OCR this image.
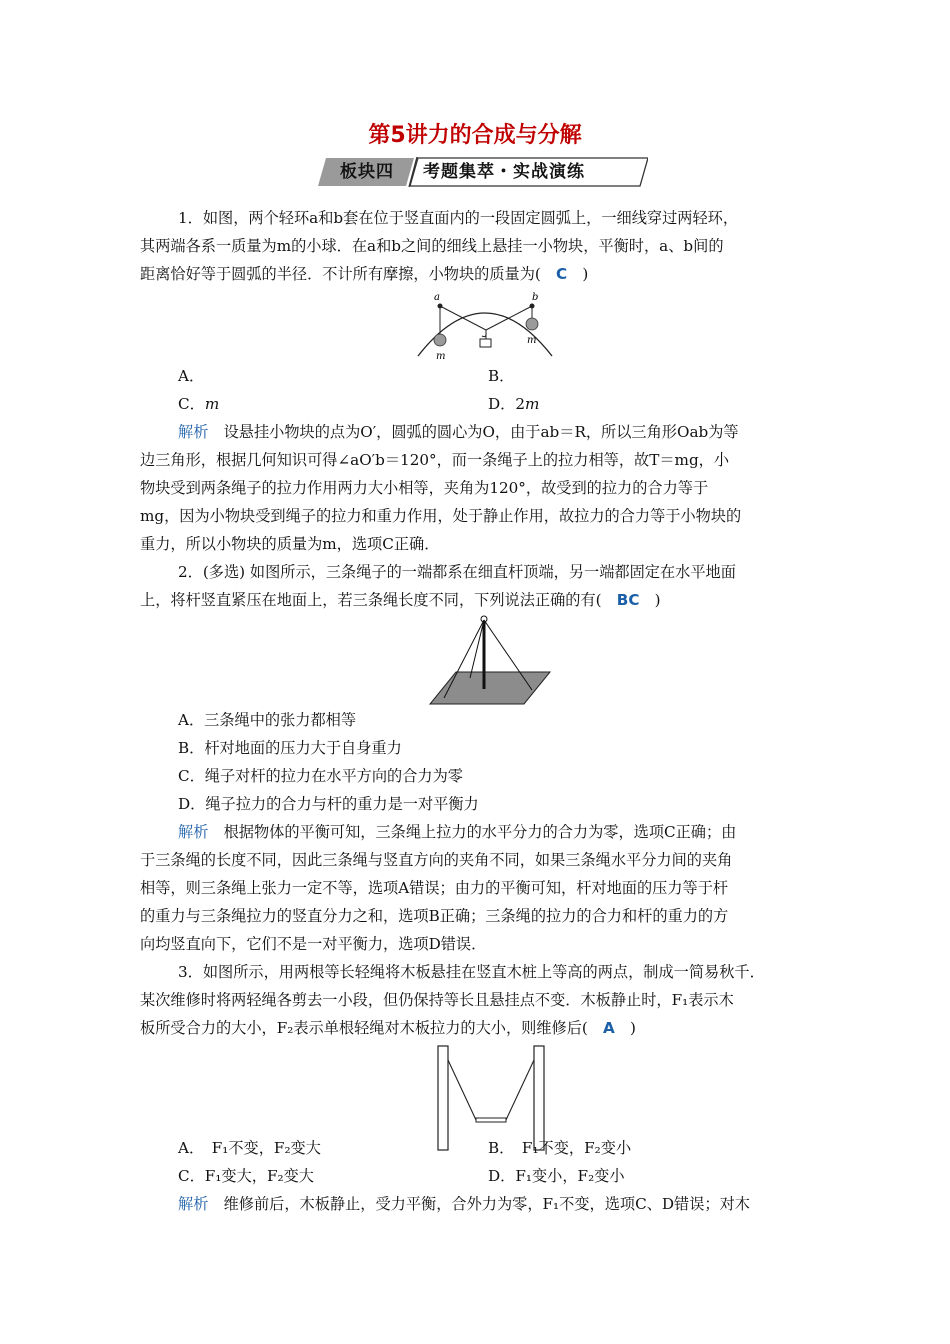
第5讲力的合成与分解
板块四 考题集萃・实战演练

1．如图，两个轻环a和b套在位于竖直面内的一段固定圆弧上，一细线穿过两轻环，

其两端各系一质量为m的小球．在a和b之间的细线上悬挂一小物块，平衡时，a、b间的

距离恰好等于圆弧的半径．不计所有摩擦，小物块的质量为(　C　)

a	b
m
m
A．	B．
C．m	D．2m

解析　 设悬挂小物块的点为O′，圆弧的圆心为O，由于ab＝R，所以三角形Oab为等

边三角形，根据几何知识可得∠aO′b＝120°，而一条绳子上的拉力相等，故T＝mg，小

物块受到两条绳子的拉力作用两力大小相等，夹角为120°，故受到的拉力的合力等于

mg，因为小物块受到绳子的拉力和重力作用，处于静止作用，故拉力的合力等于小物块的

重力，所以小物块的质量为m，选项C正确．

2．(多选) 如图所示，三条绳子的一端都系在细直杆顶端，另一端都固定在水平地面

上，将杆竖直紧压在地面上，若三条绳长度不同，下列说法正确的有(　BC　)

A．三条绳中的张力都相等

B．杆对地面的压力大于自身重力

C．绳子对杆的拉力在水平方向的合力为零

D．绳子拉力的合力与杆的重力是一对平衡力

解析　 根据物体的平衡可知，三条绳上拉力的水平分力的合力为零，选项C正确；由

于三条绳的长度不同，因此三条绳与竖直方向的夹角不同，如果三条绳水平分力间的夹角

相等，则三条绳上张力一定不等，选项A错误；由力的平衡可知，杆对地面的压力等于杆

的重力与三条绳拉力的竖直分力之和，选项B正确；三条绳的拉力的合力和杆的重力的方

向均竖直向下，它们不是一对平衡力，选项D错误．

3．如图所示，用两根等长轻绳将木板悬挂在竖直木桩上等高的两点，制成一简易秋千．

某次维修时将两轻绳各剪去一小段，但仍保持等长且悬挂点不变．木板静止时，F₁表示木

板所受合力的大小，F₂表示单根轻绳对木板拉力的大小，则维修后(　A　)

A．　F₁不变，F₂变大	B．　F₁不变，F₂变小
C．F₁变大，F₂变大	D．F₁变小，F₂变小

解析　 维修前后，木板静止，受力平衡，合外力为零，F₁不变，选项C、D错误；对木
